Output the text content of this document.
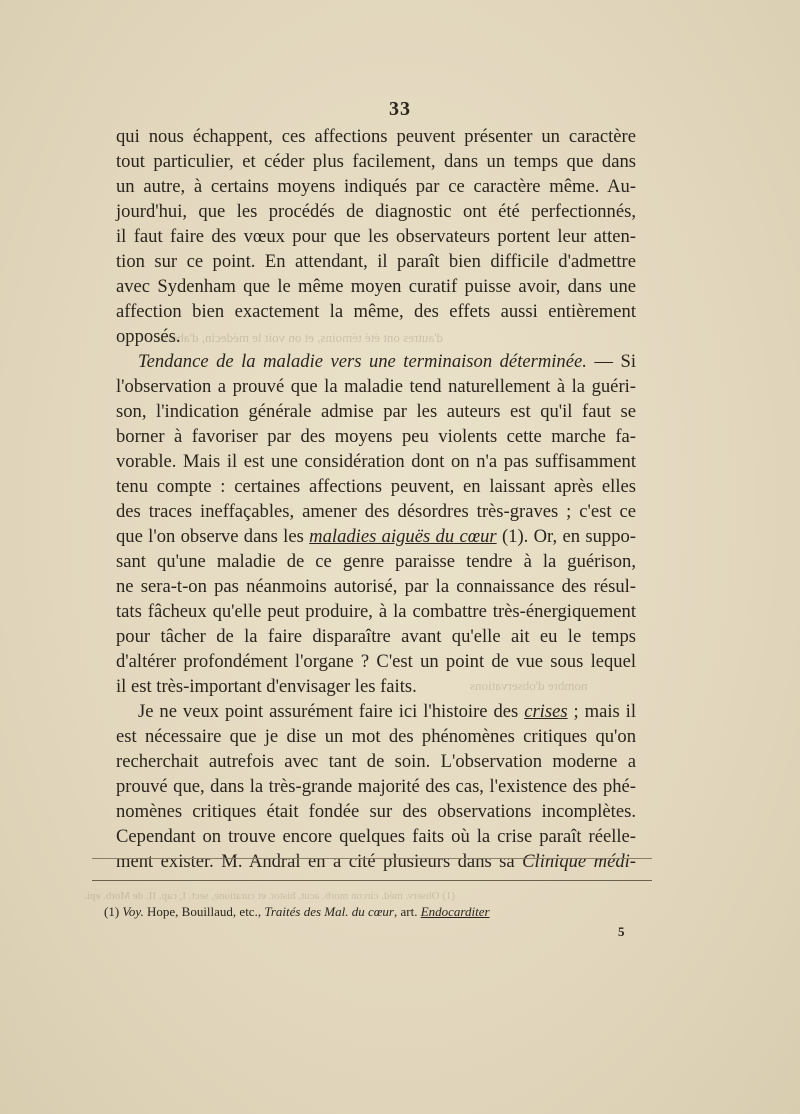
d'autres ont été témoins, et on voit le médecin, d'abord
nombre d'observations
(1) Observ. méd. circon morb. acut. histor. et curatione, sect. I, cap. II. de Morb. epi.
33
qui nous échappent, ces affections peuvent présenter un caractère
tout particulier, et céder plus facilement, dans un temps que dans
un autre, à certains moyens indiqués par ce caractère même. Au-
jourd'hui, que les procédés de diagnostic ont été perfectionnés,
il faut faire des vœux pour que les observateurs portent leur atten-
tion sur ce point. En attendant, il paraît bien difficile d'admettre
avec Sydenham que le même moyen curatif puisse avoir, dans une
affection bien exactement la même, des effets aussi entièrement
opposés.
Tendance de la maladie vers une terminaison déterminée. — Si
l'observation a prouvé que la maladie tend naturellement à la guéri-
son, l'indication générale admise par les auteurs est qu'il faut se
borner à favoriser par des moyens peu violents cette marche fa-
vorable. Mais il est une considération dont on n'a pas suffisamment
tenu compte : certaines affections peuvent, en laissant après elles
des traces ineffaçables, amener des désordres très-graves ; c'est ce
que l'on observe dans les maladies aiguës du cœur (1). Or, en suppo-
sant qu'une maladie de ce genre paraisse tendre à la guérison,
ne sera-t-on pas néanmoins autorisé, par la connaissance des résul-
tats fâcheux qu'elle peut produire, à la combattre très-énergiquement
pour tâcher de la faire disparaître avant qu'elle ait eu le temps
d'altérer profondément l'organe ? C'est un point de vue sous lequel
il est très-important d'envisager les faits.
Je ne veux point assurément faire ici l'histoire des crises ; mais il
est nécessaire que je dise un mot des phénomènes critiques qu'on
recherchait autrefois avec tant de soin. L'observation moderne a
prouvé que, dans la très-grande majorité des cas, l'existence des phé-
nomènes critiques était fondée sur des observations incomplètes.
Cependant on trouve encore quelques faits où la crise paraît réelle-
ment exister. M. Andral en a cité plusieurs dans sa Clinique médi-
(1) Voy. Hope, Bouillaud, etc., Traités des Mal. du cœur, art. Endocarditer
5
